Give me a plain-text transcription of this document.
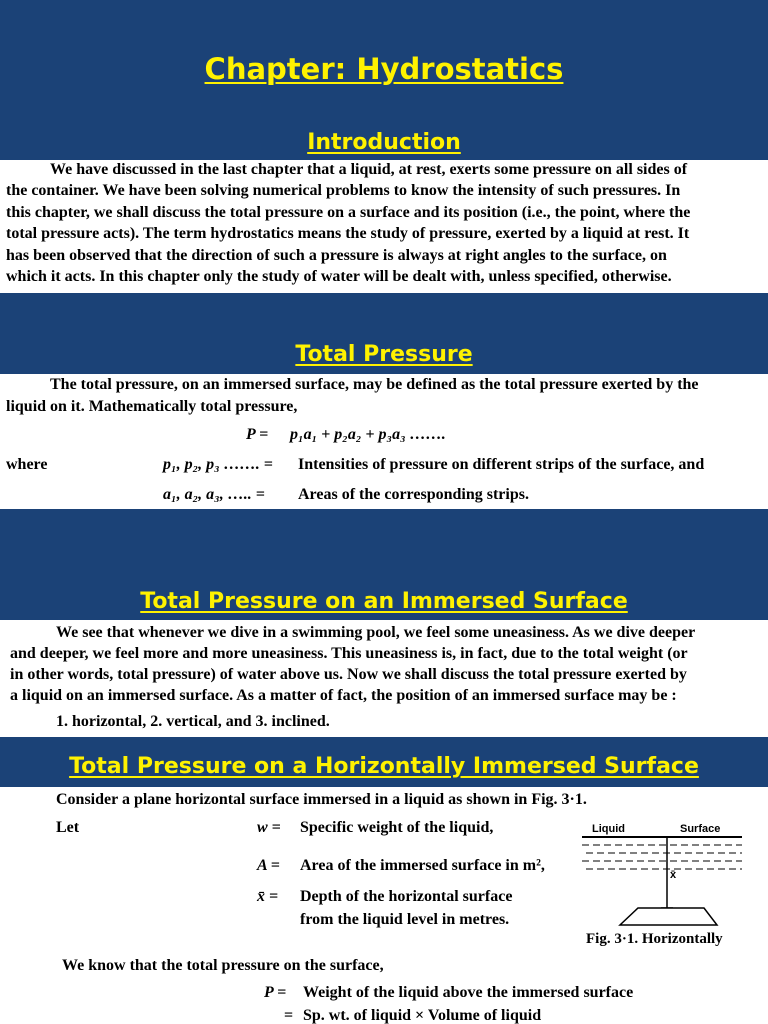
Chapter: Hydrostatics
Introduction
We have discussed in the last chapter that a liquid, at rest, exerts some pressure on all sides of
the container. We have been solving numerical problems to know the intensity of such pressures. In
this chapter, we shall discuss the total pressure on a surface and its position (i.e., the point, where the
total pressure acts). The term hydrostatics means the study of pressure, exerted by a liquid at rest. It
has been observed that the direction of such a pressure is always at right angles to the surface, on
which it acts. In this chapter only the study of water will be dealt with, unless specified, otherwise.
Total Pressure
The total pressure, on an immersed surface, may be defined as the total pressure exerted by the
liquid on it. Mathematically total pressure,
P = p₁a₁ + p₂a₂ + p₃a₃ …….
where	p₁, p₂, p₃ ……. = Intensities of pressure on different strips of the surface, and
a₁, a₂, a₃, ….. = Areas of the corresponding strips.
Total Pressure on an Immersed Surface
We see that whenever we dive in a swimming pool, we feel some uneasiness. As we dive deeper
and deeper, we feel more and more uneasiness. This uneasiness is, in fact, due to the total weight (or
in other words, total pressure) of water above us. Now we shall discuss the total pressure exerted by
a liquid on an immersed surface. As a matter of fact, the position of an immersed surface may be :
1. horizontal, 2. vertical, and 3. inclined.
Total Pressure on a Horizontally Immersed Surface
Consider a plane horizontal surface immersed in a liquid as shown in Fig. 3·1.
Let	w = Specific weight of the liquid,
A = Area of the immersed surface in m²,
x̄ = Depth of the horizontal surface
from the liquid level in metres.
Liquid	Surface
x̄
Fig. 3·1. Horizontally
We know that the total pressure on the surface,
P = Weight of the liquid above the immersed surface
= Sp. wt. of liquid × Volume of liquid
